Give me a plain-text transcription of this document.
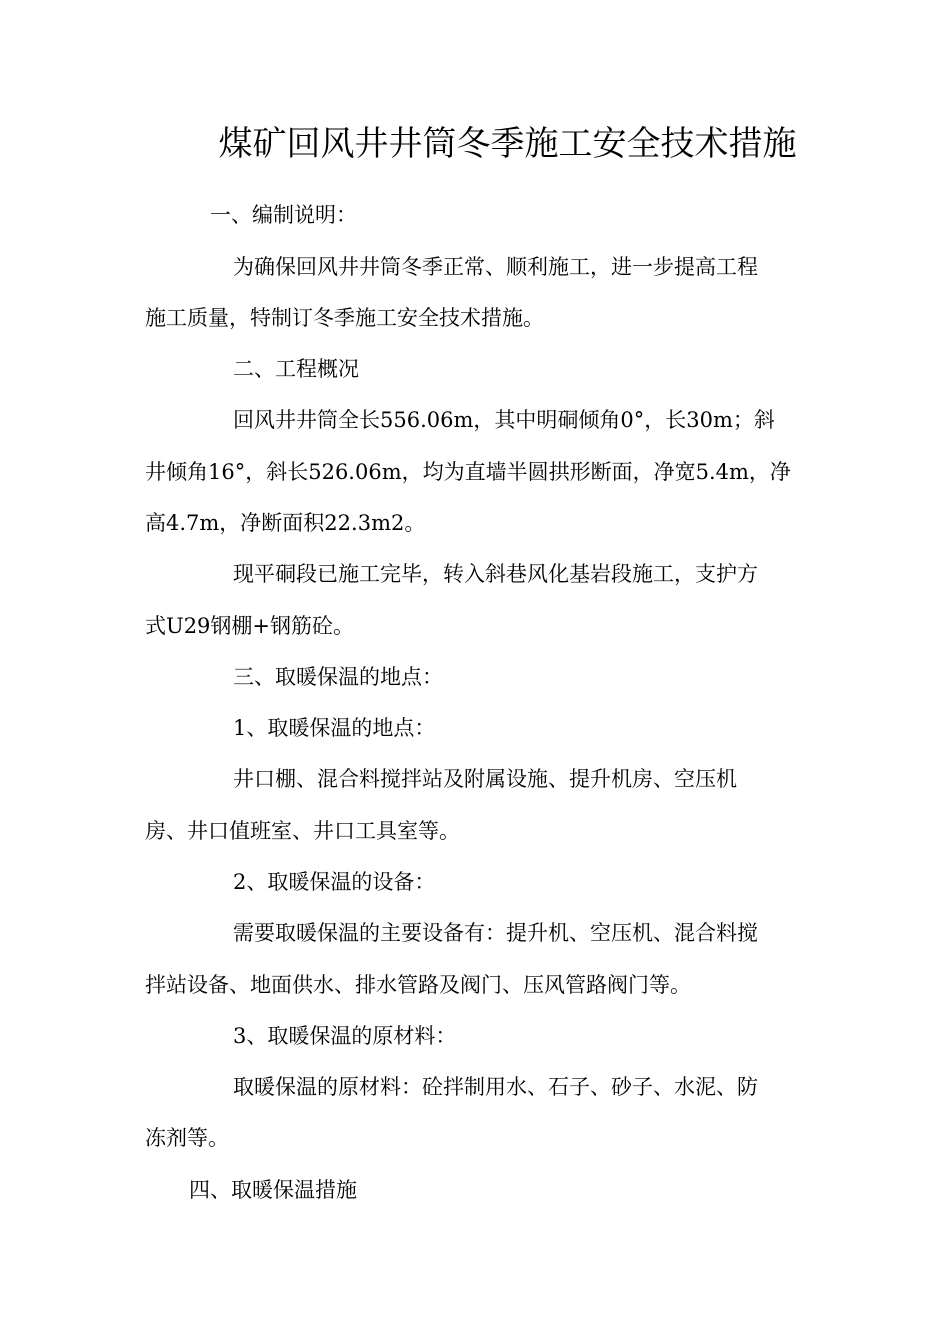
煤矿回风井井筒冬季施工安全技术措施
一、编制说明：
为确保回风井井筒冬季正常、顺利施工，进一步提高工程
施工质量，特制订冬季施工安全技术措施。
二、工程概况
回风井井筒全长556.06m，其中明硐倾角0°，长30m；斜
井倾角16°，斜长526.06m，均为直墙半圆拱形断面，净宽5.4m，净
高4.7m，净断面积22.3m2。
现平硐段已施工完毕，转入斜巷风化基岩段施工，支护方
式U29钢棚+钢筋砼。
三、取暖保温的地点：
1、取暖保温的地点：
井口棚、混合料搅拌站及附属设施、提升机房、空压机
房、井口值班室、井口工具室等。
2、取暖保温的设备：
需要取暖保温的主要设备有：提升机、空压机、混合料搅
拌站设备、地面供水、排水管路及阀门、压风管路阀门等。
3、取暖保温的原材料：
取暖保温的原材料：砼拌制用水、石子、砂子、水泥、防
冻剂等。
四、取暖保温措施
